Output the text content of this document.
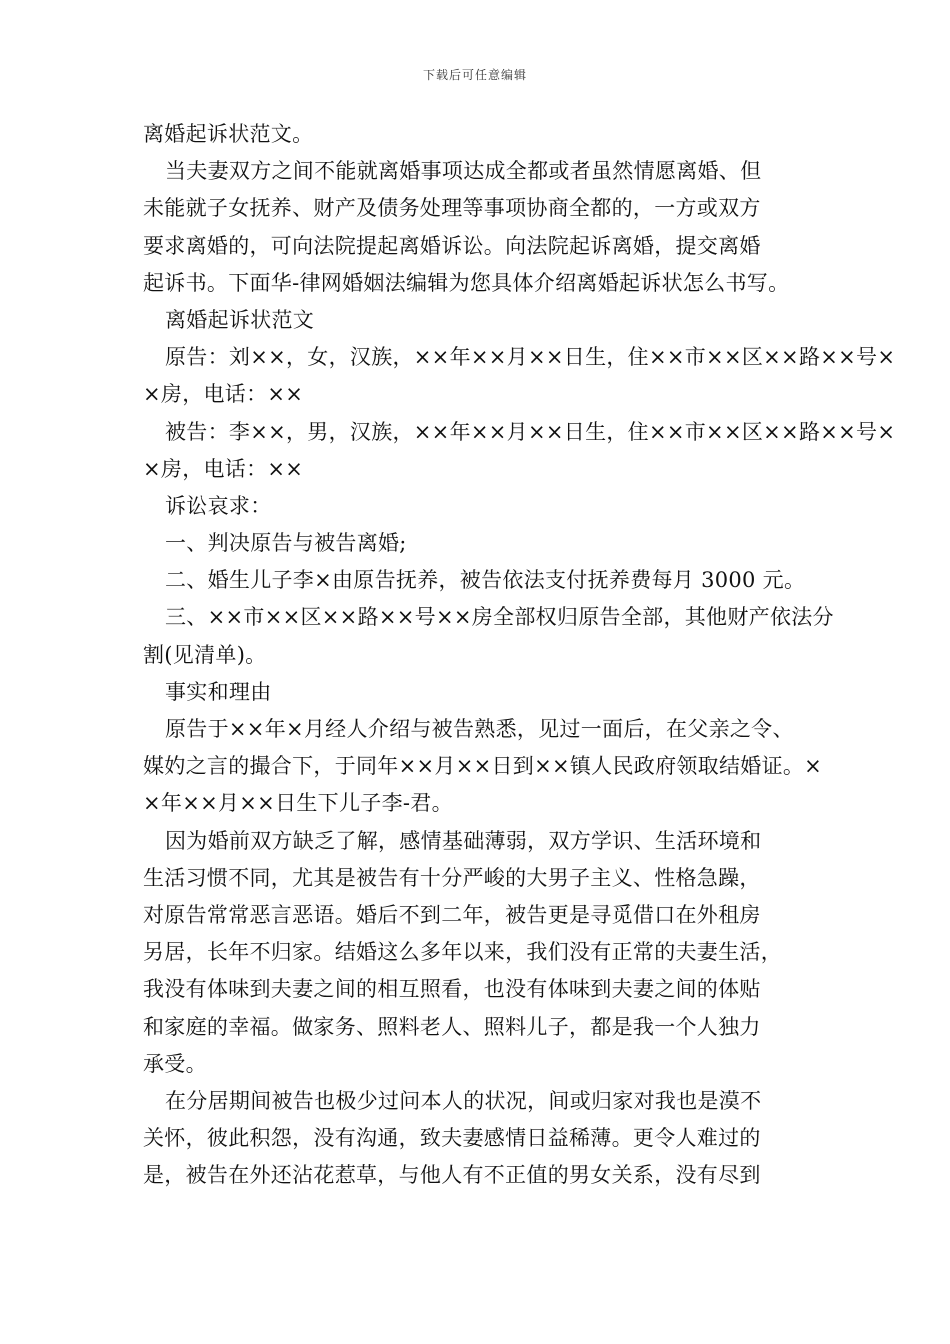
下载后可任意编辑
离婚起诉状范文。
当夫妻双方之间不能就离婚事项达成全都或者虽然情愿离婚、但
未能就子女抚养、财产及债务处理等事项协商全都的，一方或双方
要求离婚的，可向法院提起离婚诉讼。向法院起诉离婚，提交离婚
起诉书。下面华-律网婚姻法编辑为您具体介绍离婚起诉状怎么书写。
离婚起诉状范文
原告：刘××，女，汉族，××年××月××日生，住××市××区××路××号×
×房，电话：××
被告：李××，男，汉族，××年××月××日生，住××市××区××路××号×
×房，电话：××
诉讼哀求：
一、判决原告与被告离婚;
二、婚生儿子李×由原告抚养，被告依法支付抚养费每月 3000 元。
三、××市××区××路××号××房全部权归原告全部，其他财产依法分
割(见清单)。
事实和理由
原告于××年×月经人介绍与被告熟悉，见过一面后，在父亲之令、
媒妁之言的撮合下，于同年××月××日到××镇人民政府领取结婚证。×
×年××月××日生下儿子李-君。
因为婚前双方缺乏了解，感情基础薄弱，双方学识、生活环境和
生活习惯不同，尤其是被告有十分严峻的大男子主义、性格急躁，
对原告常常恶言恶语。婚后不到二年，被告更是寻觅借口在外租房
另居，长年不归家。结婚这么多年以来，我们没有正常的夫妻生活，
我没有体味到夫妻之间的相互照看，也没有体味到夫妻之间的体贴
和家庭的幸福。做家务、照料老人、照料儿子，都是我一个人独力
承受。
在分居期间被告也极少过问本人的状况，间或归家对我也是漠不
关怀，彼此积怨，没有沟通，致夫妻感情日益稀薄。更令人难过的
是，被告在外还沾花惹草，与他人有不正值的男女关系，没有尽到
